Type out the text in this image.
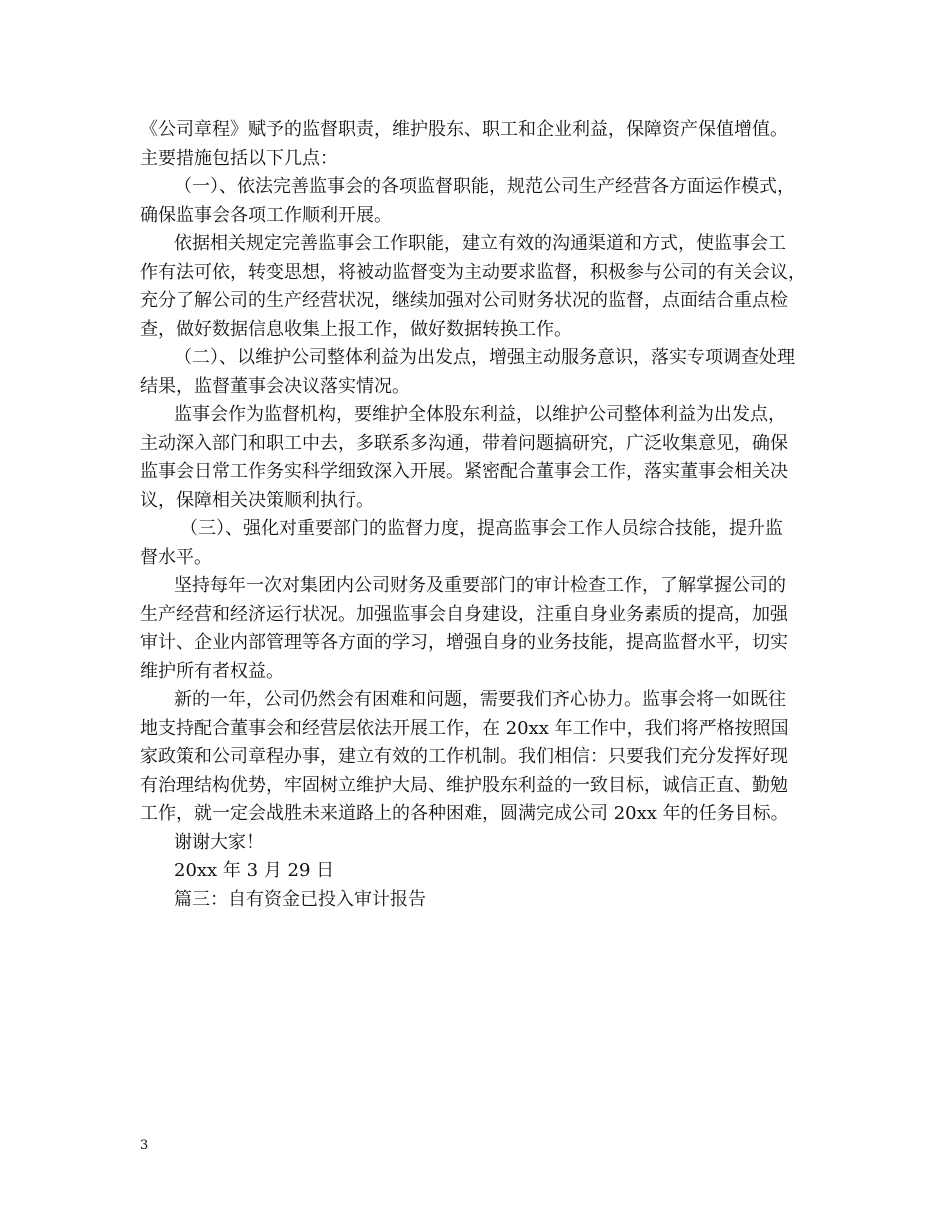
《公司章程》赋予的监督职责，维护股东、职工和企业利益，保障资产保值增值。
主要措施包括以下几点：
（一）、依法完善监事会的各项监督职能，规范公司生产经营各方面运作模式，
确保监事会各项工作顺利开展。
依据相关规定完善监事会工作职能，建立有效的沟通渠道和方式，使监事会工
作有法可依，转变思想，将被动监督变为主动要求监督，积极参与公司的有关会议，
充分了解公司的生产经营状况，继续加强对公司财务状况的监督，点面结合重点检
查，做好数据信息收集上报工作，做好数据转换工作。
（二）、以维护公司整体利益为出发点，增强主动服务意识，落实专项调查处理
结果，监督董事会决议落实情况。
监事会作为监督机构，要维护全体股东利益，以维护公司整体利益为出发点，
主动深入部门和职工中去，多联系多沟通，带着问题搞研究，广泛收集意见，确保
监事会日常工作务实科学细致深入开展。紧密配合董事会工作，落实董事会相关决
议，保障相关决策顺利执行。
（三）、强化对重要部门的监督力度，提高监事会工作人员综合技能，提升监
督水平。
坚持每年一次对集团内公司财务及重要部门的审计检查工作，了解掌握公司的
生产经营和经济运行状况。加强监事会自身建设，注重自身业务素质的提高，加强
审计、企业内部管理等各方面的学习，增强自身的业务技能，提高监督水平，切实
维护所有者权益。
新的一年，公司仍然会有困难和问题，需要我们齐心协力。监事会将一如既往
地支持配合董事会和经营层依法开展工作，在 20xx 年工作中，我们将严格按照国
家政策和公司章程办事，建立有效的工作机制。我们相信：只要我们充分发挥好现
有治理结构优势，牢固树立维护大局、维护股东利益的一致目标，诚信正直、勤勉
工作，就一定会战胜未来道路上的各种困难，圆满完成公司 20xx 年的任务目标。
谢谢大家！
20xx 年 3 月 29 日
篇三：自有资金已投入审计报告
3
